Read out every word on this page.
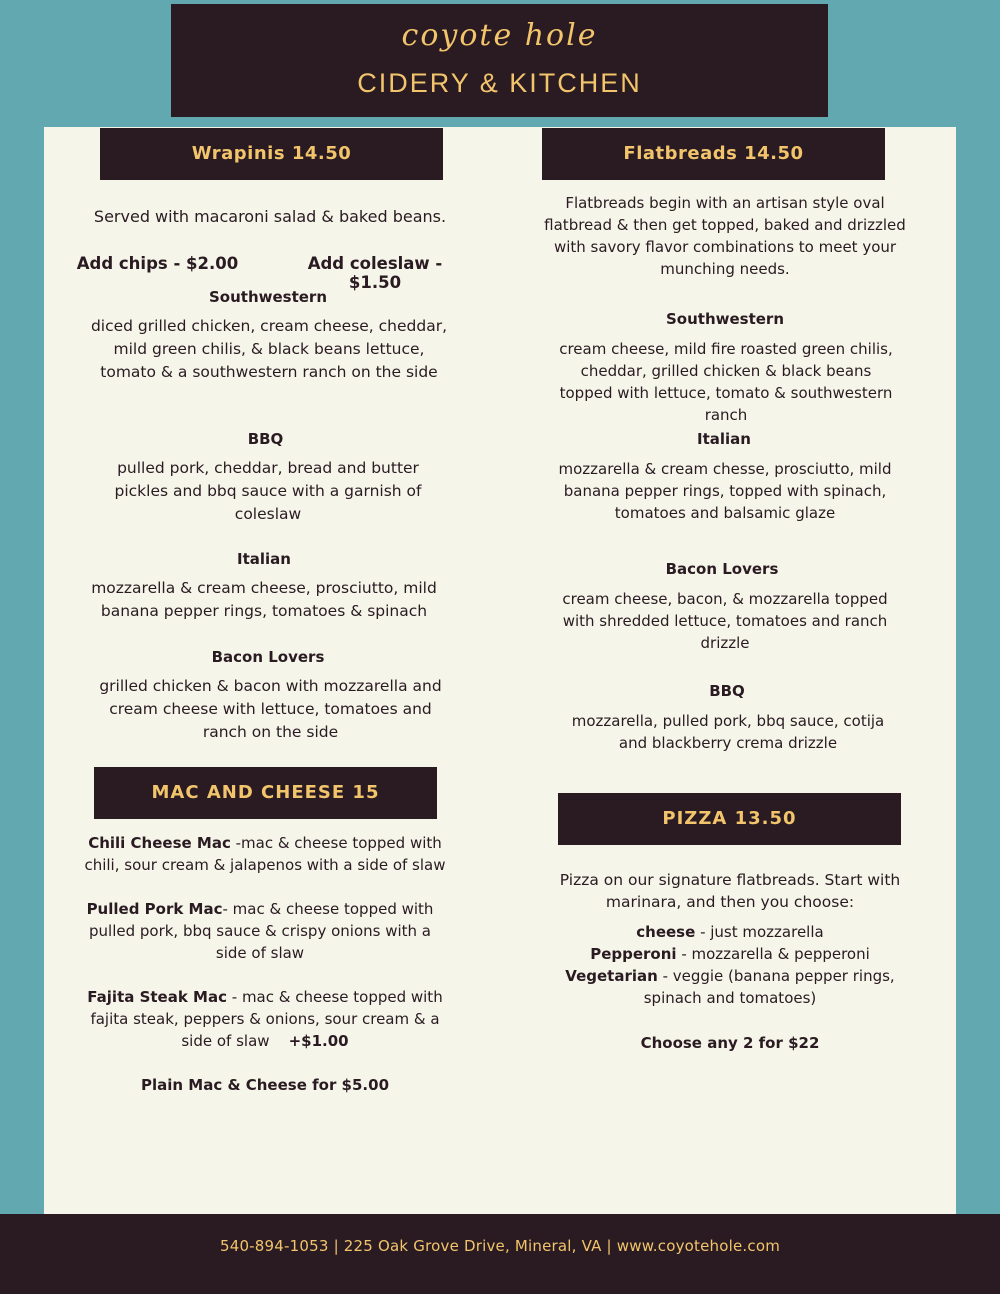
coyote hole
CIDERY & KITCHEN
Wrapinis 14.50
Served with macaroni salad & baked beans.
Add chips - $2.00	Add coleslaw - $1.50
Southwestern
diced grilled chicken, cream cheese, cheddar, mild green chilis, & black beans lettuce, tomato & a southwestern ranch on the side
BBQ
pulled pork, cheddar, bread and butter pickles and bbq sauce with a garnish of coleslaw
Italian
mozzarella & cream cheese, prosciutto, mild banana pepper rings, tomatoes & spinach
Bacon Lovers
grilled chicken & bacon with mozzarella and cream cheese with lettuce, tomatoes and ranch on the side
MAC AND CHEESE 15
Chili Cheese Mac -mac & cheese topped with chili, sour cream & jalapenos with a side of slaw
Pulled Pork Mac- mac & cheese topped with pulled pork, bbq sauce & crispy onions with a side of slaw
Fajita Steak Mac - mac & cheese topped with fajita steak, peppers & onions, sour cream & a side of slaw +$1.00
Plain Mac & Cheese for $5.00
Flatbreads 14.50
Flatbreads begin with an artisan style oval flatbread & then get topped, baked and drizzled with savory flavor combinations to meet your munching needs.
Southwestern
cream cheese, mild fire roasted green chilis, cheddar, grilled chicken & black beans topped with lettuce, tomato & southwestern ranch
Italian
mozzarella & cream chesse, prosciutto, mild banana pepper rings, topped with spinach, tomatoes and balsamic glaze
Bacon Lovers
cream cheese, bacon, & mozzarella topped with shredded lettuce, tomatoes and ranch drizzle
BBQ
mozzarella, pulled pork, bbq sauce, cotija and blackberry crema drizzle
PIZZA 13.50
Pizza on our signature flatbreads. Start with marinara, and then you choose:
cheese - just mozzarella
Pepperoni - mozzarella & pepperoni
Vegetarian - veggie (banana pepper rings, spinach and tomatoes)
Choose any 2 for $22
540-894-1053 | 225 Oak Grove Drive, Mineral, VA | www.coyotehole.com
